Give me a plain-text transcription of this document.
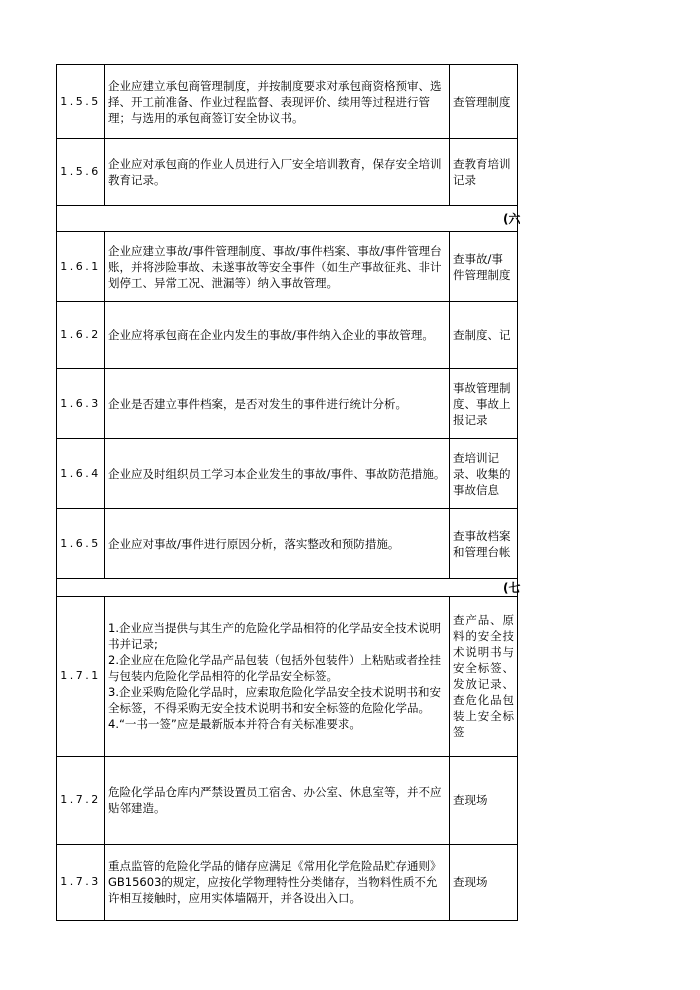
1.5.5	企业应建立承包商管理制度，并按制度要求对承包商资格预审、选择、开工前准备、作业过程监督、表现评价、续用等过程进行管理；与选用的承包商签订安全协议书。	查管理制度
1.5.6	企业应对承包商的作业人员进行入厂安全培训教育，保存安全培训教育记录。	查教育培训记录
(六		
1.6.1	企业应建立事故/事件管理制度、事故/事件档案、事故/事件管理台账，并将涉险事故、未遂事故等安全事件（如生产事故征兆、非计划停工、异常工况、泄漏等）纳入事故管理。	查事故/事件管理制度
1.6.2	企业应将承包商在企业内发生的事故/事件纳入企业的事故管理。	查制度、记
1.6.3	企业是否建立事件档案，是否对发生的事件进行统计分析。	事故管理制度、事故上报记录
1.6.4	企业应及时组织员工学习本企业发生的事故/事件、事故防范措施。	查培训记录、收集的事故信息
1.6.5	企业应对事故/事件进行原因分析，落实整改和预防措施。	查事故档案和管理台帐
(七		
1.7.1	1.企业应当提供与其生产的危险化学品相符的化学品安全技术说明书并记录;
2.企业应在危险化学品产品包装（包括外包装件）上粘贴或者拴挂与包装内危险化学品相符的化学品安全标签。
3.企业采购危险化学品时，应索取危险化学品安全技术说明书和安全标签，不得采购无安全技术说明书和安全标签的危险化学品。
4.“一书一签”应是最新版本并符合有关标准要求。	查产品、原料的安全技术说明书与安全标签、发放记录、查危化品包装上安全标签
1.7.2	危险化学品仓库内严禁设置员工宿舍、办公室、休息室等，并不应贴邻建造。	查现场
1.7.3	重点监管的危险化学品的储存应满足《常用化学危险品贮存通则》GB15603的规定，应按化学物理特性分类储存，当物料性质不允许相互接触时，应用实体墙隔开，并各设出入口。	查现场
